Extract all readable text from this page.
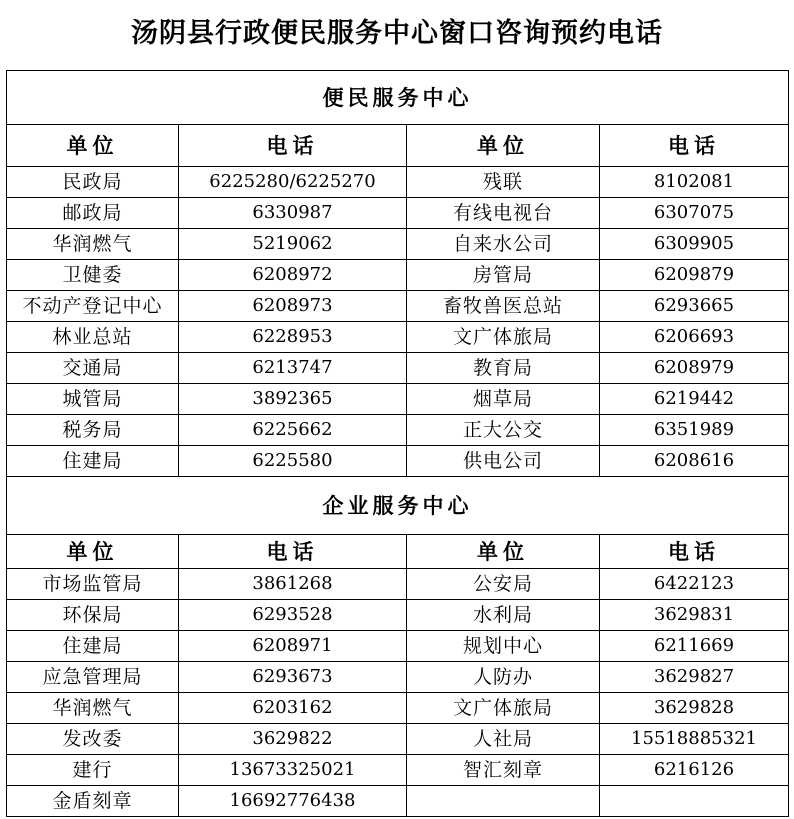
汤阴县行政便民服务中心窗口咨询预约电话
便民服务中心
单位	电话	单位	电话
民政局	6225280/6225270	残联	8102081
邮政局	6330987	有线电视台	6307075
华润燃气	5219062	自来水公司	6309905
卫健委	6208972	房管局	6209879
不动产登记中心	6208973	畜牧兽医总站	6293665
林业总站	6228953	文广体旅局	6206693
交通局	6213747	教育局	6208979
城管局	3892365	烟草局	6219442
税务局	6225662	正大公交	6351989
住建局	6225580	供电公司	6208616
企业服务中心
单位	电话	单位	电话
市场监管局	3861268	公安局	6422123
环保局	6293528	水利局	3629831
住建局	6208971	规划中心	6211669
应急管理局	6293673	人防办	3629827
华润燃气	6203162	文广体旅局	3629828
发改委	3629822	人社局	15518885321
建行	13673325021	智汇刻章	6216126
金盾刻章	16692776438
